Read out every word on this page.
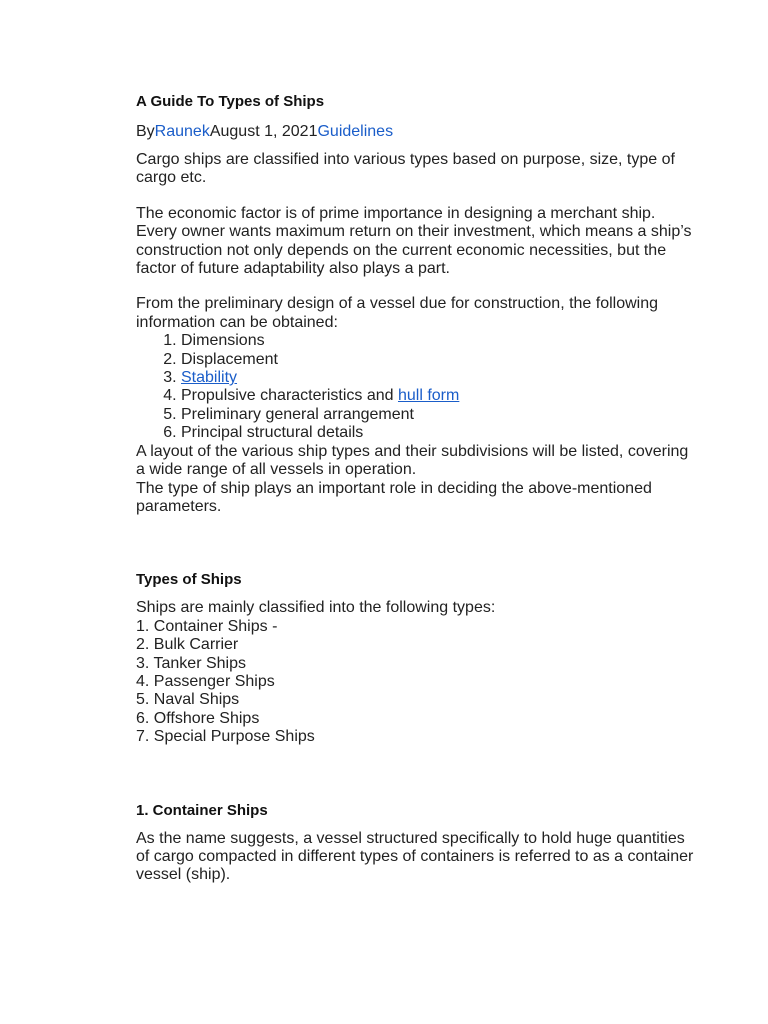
A Guide To Types of Ships
ByRaunekAugust 1, 2021Guidelines

Cargo ships are classified into various types based on purpose, size, type of cargo etc.

The economic factor is of prime importance in designing a merchant ship. Every owner wants maximum return on their investment, which means a ship’s construction not only depends on the current economic necessities, but the factor of future adaptability also plays a part.

From the preliminary design of a vessel due for construction, the following information can be obtained:

1. Dimensions
2. Displacement
3. Stability
4. Propulsive characteristics and hull form
5. Preliminary general arrangement
6. Principal structural details

A layout of the various ship types and their subdivisions will be listed, covering a wide range of all vessels in operation.

The type of ship plays an important role in deciding the above-mentioned parameters.

Types of Ships

Ships are mainly classified into the following types:

1. Container Ships -
2. Bulk Carrier
3. Tanker Ships
4. Passenger Ships
5. Naval Ships
6. Offshore Ships
7. Special Purpose Ships
1. Container Ships

As the name suggests, a vessel structured specifically to hold huge quantities of cargo compacted in different types of containers is referred to as a container vessel (ship).
